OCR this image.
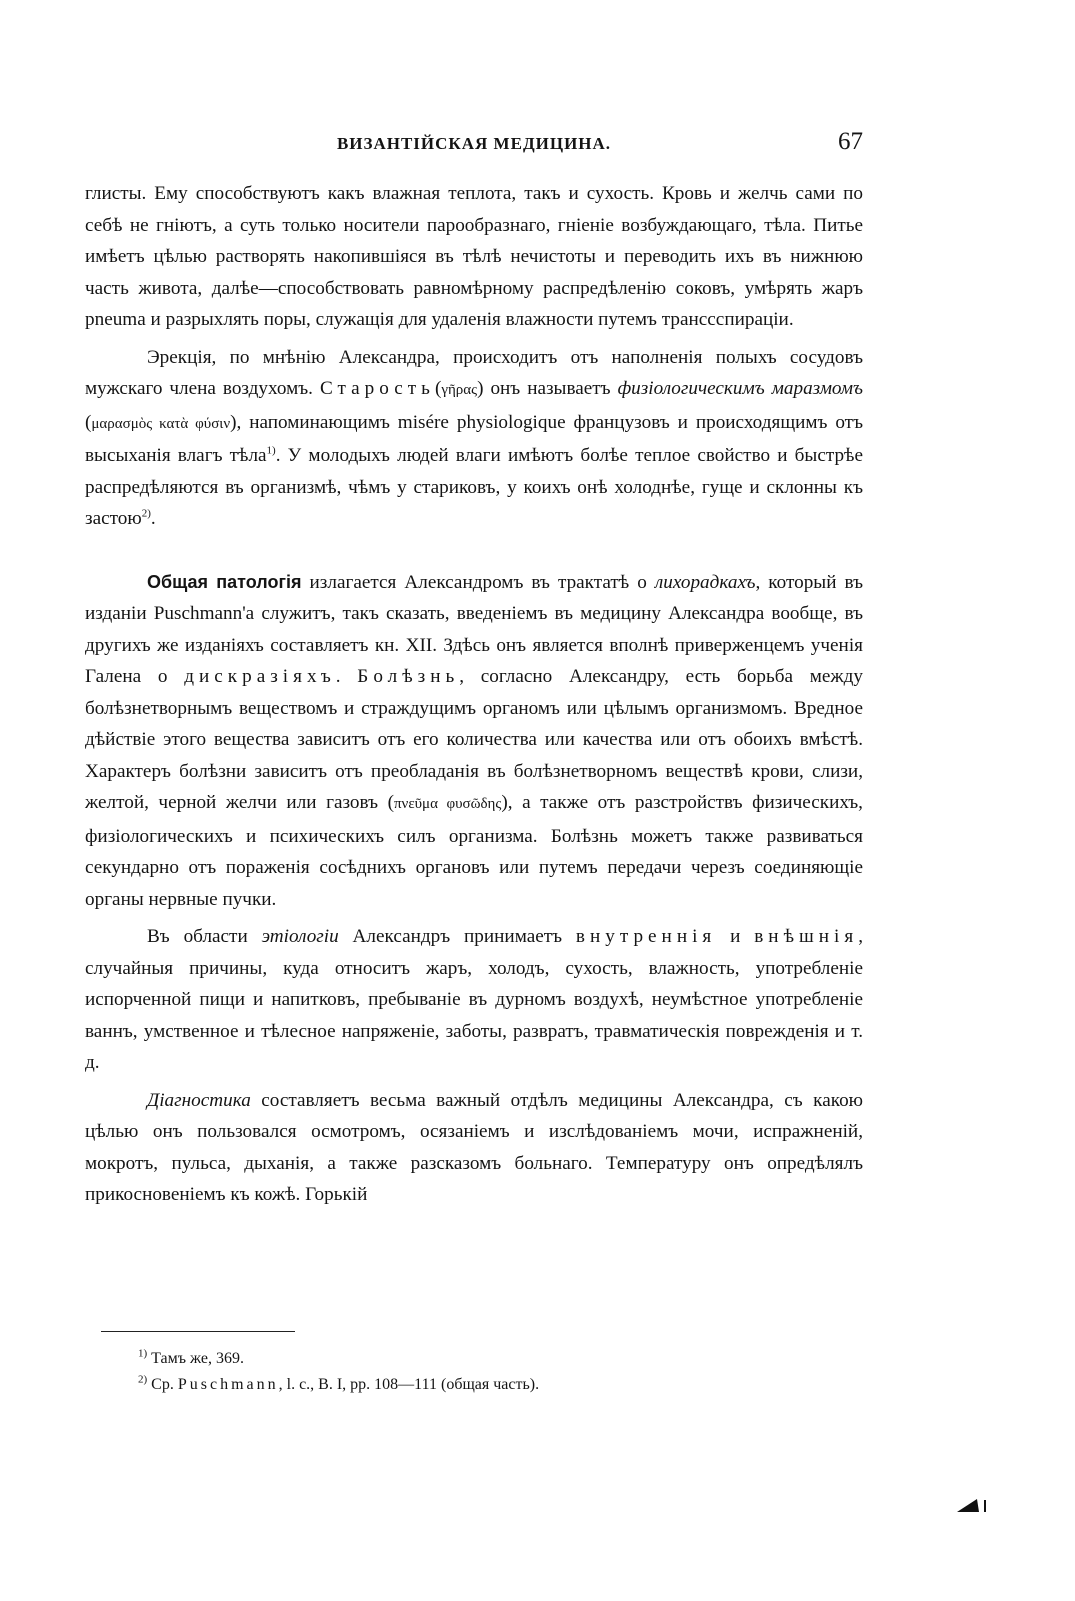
ВИЗАНТІЙСКАЯ МЕДИЦИНА.	67

глисты. Ему способствуютъ какъ влажная теплота, такъ и сухость. Кровь и желчь сами по себѣ не гніютъ, а суть только носители парообразнаго, гніеніе возбуждающаго, тѣла. Питье имѣетъ цѣлью растворять накопившіяся въ тѣлѣ нечистоты и переводить ихъ въ нижнюю часть живота, далѣе—способствовать равномѣрному распредѣленію соковъ, умѣрять жаръ pneuma и разрыхлять поры, служащія для удаленія влажности путемъ транссспираціи.

Эрекція, по мнѣнію Александра, происходитъ отъ наполненія полыхъ сосудовъ мужскаго члена воздухомъ. Старость(γῆρας) онъ называетъ физіологическимъ маразмомъ (μαρασμὸς κατὰ φύσιν), напоминающимъ misére physiologique французовъ и происходящимъ отъ высыханія влагъ тѣла$^{1)}$. У молодыхъ людей влаги имѣютъ болѣе теплое свойство и быстрѣе распредѣляются въ организмѣ, чѣмъ у стариковъ, у коихъ онѣ холоднѣе, гуще и склонны къ застою$^{2)}$.

Общая патологія излагается Александромъ въ трактатѣ о лихорадкахъ, который въ изданіи Puschmann'а служитъ, такъ сказать, введеніемъ въ медицину Александра вообще, въ другихъ же изданіяхъ составляетъ кн. XII. Здѣсь онъ является вполнѣ приверженцемъ ученія Галена о дискразіяхъ. Болѣзнь, согласно Александру, есть борьба между болѣзнетворнымъ веществомъ и страждущимъ органомъ или цѣлымъ организмомъ. Вредное дѣйствіе этого вещества зависитъ отъ его количества или качества или отъ обоихъ вмѣстѣ. Характеръ болѣзни зависитъ отъ преобладанія въ болѣзнетворномъ веществѣ крови, слизи, желтой, черной желчи или газовъ (πνεῦμα φυσῶδης), а также отъ разстройствъ физическихъ, физіологическихъ и психическихъ силъ организма. Болѣзнь можетъ также развиваться секундарно отъ пораженія сосѣднихъ органовъ или путемъ передачи черезъ соединяющіе органы нервные пучки.

Въ области этіологіи Александръ принимаетъ внутреннія и внѣшнія, случайныя причины, куда относитъ жаръ, холодъ, сухость, влажность, употребленіе испорченной пищи и напитковъ, пребываніе въ дурномъ воздухѣ, неумѣстное употребленіе ваннъ, умственное и тѣлесное напряженіе, заботы, развратъ, травматическія поврежденія и т. д.

Діагностика составляетъ весьма важный отдѣлъ медицины Александра, съ какою цѣлью онъ пользовался осмотромъ, осязаніемъ и изслѣдованіемъ мочи, испражненій, мокротъ, пульса, дыханія, а также разсказомъ больнаго. Температуру онъ опредѣлялъ прикосновеніемъ къ кожѣ. Горькій

$^{1)}$ Тамъ же, 369.
$^{2)}$ Cp. Puschmann, l. c., B. I, pp. 108—111 (общая часть).
